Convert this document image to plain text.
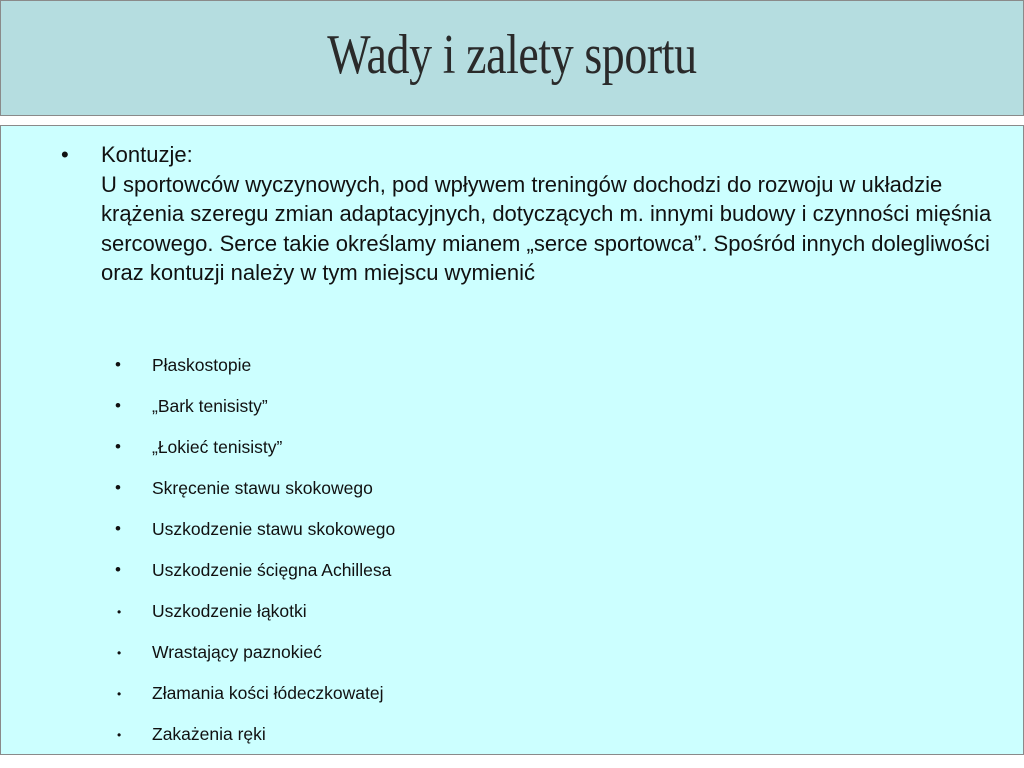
Wady i zalety sportu
• Kontuzje:
U sportowców wyczynowych, pod wpływem treningów dochodzi do rozwoju w układzie krążenia szeregu zmian adaptacyjnych, dotyczących m. innymi budowy i czynności mięśnia sercowego. Serce takie określamy mianem „serce sportowca”. Spośród innych dolegliwości oraz kontuzji należy w tym miejscu wymienić
• Płaskostopie
• „Bark tenisisty”
• „Łokieć tenisisty”
• Skręcenie stawu skokowego
• Uszkodzenie stawu skokowego
• Uszkodzenie ścięgna Achillesa
• Uszkodzenie łąkotki
• Wrastający paznokieć
• Złamania kości łódeczkowatej
• Zakażenia ręki
